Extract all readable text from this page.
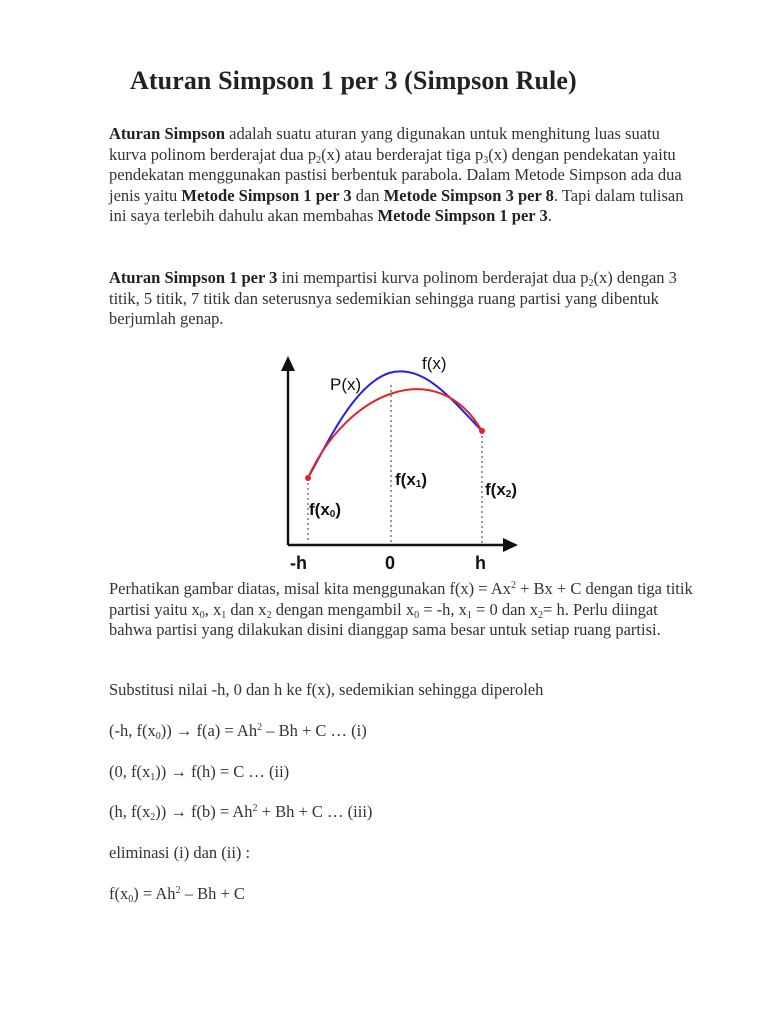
Aturan Simpson 1 per 3 (Simpson Rule)

Aturan Simpson adalah suatu aturan yang digunakan untuk menghitung luas suatu kurva polinom berderajat dua $p_2(x)$ atau berderajat tiga $p_3(x)$ dengan pendekatan yaitu pendekatan menggunakan pastisi berbentuk parabola. Dalam Metode Simpson ada dua jenis yaitu Metode Simpson 1 per 3 dan Metode Simpson 3 per 8. Tapi dalam tulisan ini saya terlebih dahulu akan membahas Metode Simpson 1 per 3.

Aturan Simpson 1 per 3 ini mempartisi kurva polinom berderajat dua $p_2(x)$ dengan 3 titik, 5 titik, 7 titik dan seterusnya sedemikian sehingga ruang partisi yang dibentuk berjumlah genap.

f(x)
P(x)
f(x0)
f(x1)
f(x2)
-h	0	h

Perhatikan gambar diatas, misal kita menggunakan $f(x) = Ax^2 + Bx + C$ dengan tiga titik partisi yaitu $x_0$, $x_1$ dan $x_2$ dengan mengambil $x_0 = -h$, $x_1 = 0$ dan $x_2= h$. Perlu diingat bahwa partisi yang dilakukan disini dianggap sama besar untuk setiap ruang partisi.

Substitusi nilai -h, 0 dan h ke f(x), sedemikian sehingga diperoleh

(-h, $f(x_0)) \to f(a) = Ah^2 - Bh + C$ … (i)

(0, $f(x_1)) \to f(h) = C$ … (ii)

(h, $f(x_2)) \to f(b) = Ah^2 + Bh + C$ … (iii)

eliminasi (i) dan (ii) :

$f(x_0) = Ah^2 - Bh + C$
